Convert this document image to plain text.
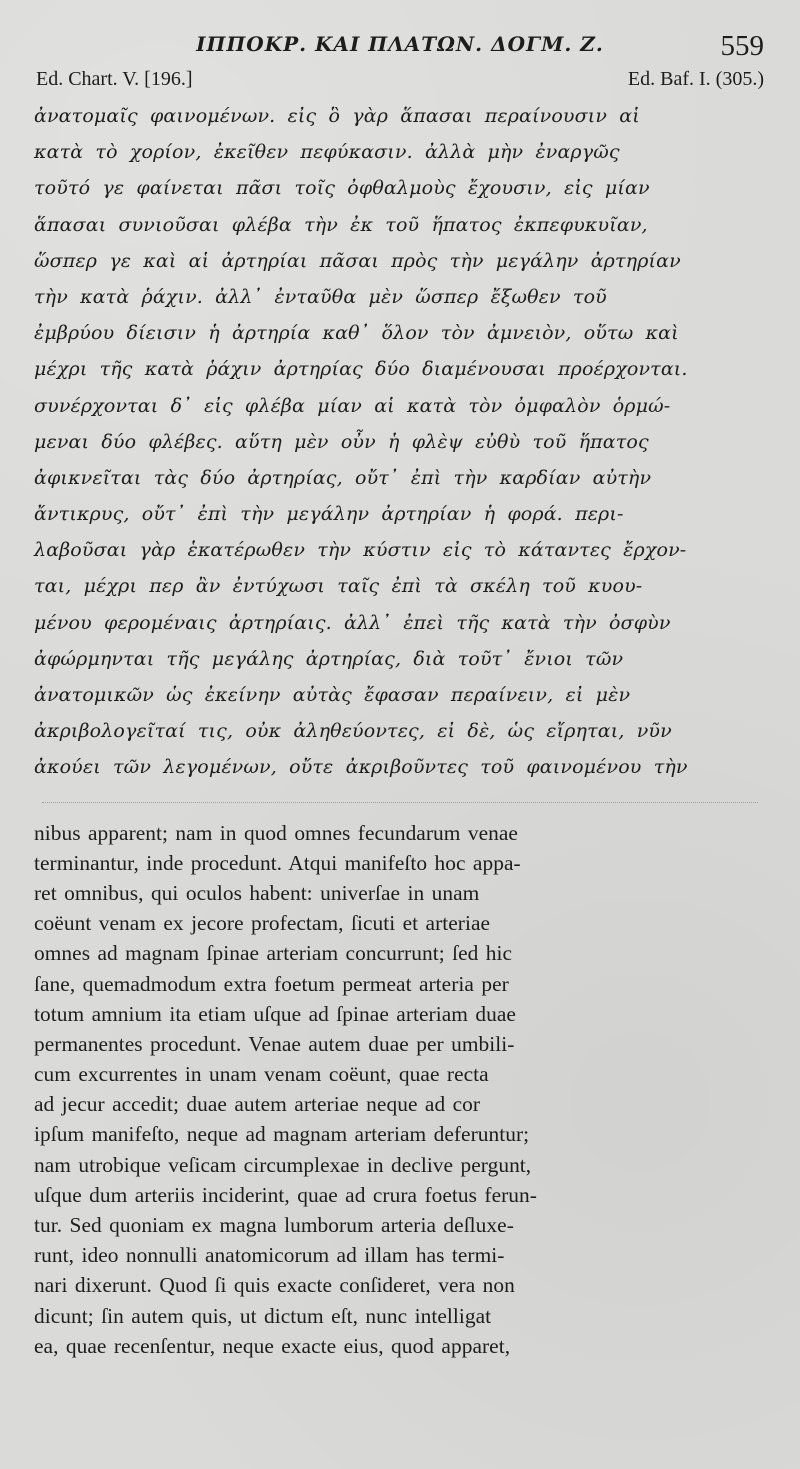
ΙΠΠΟΚΡ. ΚΑΙ ΠΛΑΤΩΝ. ΔΟΓΜ. Ζ.	559
Ed. Chart. V. [196.]	Ed. Baf. I. (305.)
ἀνατομαῖς φαινομένων. εἰς ὃ γὰρ ἅπασαι περαίνουσιν αἱ
κατὰ τὸ χορίον, ἐκεῖθεν πεφύκασιν. ἀλλὰ μὴν ἐναργῶς
τοῦτό γε φαίνεται πᾶσι τοῖς ὀφθαλμοὺς ἔχουσιν, εἰς μίαν
ἅπασαι συνιοῦσαι φλέβα τὴν ἐκ τοῦ ἥπατος ἐκπεφυκυῖαν,
ὥσπερ γε καὶ αἱ ἀρτηρίαι πᾶσαι πρὸς τὴν μεγάλην ἀρτηρίαν
τὴν κατὰ ῥάχιν. ἀλλ᾽ ἐνταῦθα μὲν ὥσπερ ἔξωθεν τοῦ
ἐμβρύου δίεισιν ἡ ἀρτηρία καθ᾽ ὅλον τὸν ἀμνειὸν, οὕτω καὶ
μέχρι τῆς κατὰ ῥάχιν ἀρτηρίας δύο διαμένουσαι προέρχονται.
συνέρχονται δ᾽ εἰς φλέβα μίαν αἱ κατὰ τὸν ὀμφαλὸν ὁρμώ-
μεναι δύο φλέβες. αὕτη μὲν οὖν ἡ φλὲψ εὐθὺ τοῦ ἥπατος
ἀφικνεῖται τὰς δύο ἀρτηρίας, οὔτ᾽ ἐπὶ τὴν καρδίαν αὐτὴν
ἄντικρυς, οὔτ᾽ ἐπὶ τὴν μεγάλην ἀρτηρίαν ἡ φορά. περι-
λαβοῦσαι γὰρ ἑκατέρωθεν τὴν κύστιν εἰς τὸ κάταντες ἔρχον-
ται, μέχρι περ ἂν ἐντύχωσι ταῖς ἐπὶ τὰ σκέλη τοῦ κυου-
μένου φερομέναις ἀρτηρίαις. ἀλλ᾽ ἐπεὶ τῆς κατὰ τὴν ὀσφὺν
ἀφώρμηνται τῆς μεγάλης ἀρτηρίας, διὰ τοῦτ᾽ ἔνιοι τῶν
ἀνατομικῶν ὡς ἐκείνην αὐτὰς ἔφασαν περαίνειν, εἰ μὲν
ἀκριβολογεῖταί τις, οὐκ ἀληθεύοντες, εἰ δὲ, ὡς εἴρηται, νῦν
ἀκούει τῶν λεγομένων, οὔτε ἀκριβοῦντες τοῦ φαινομένου τὴν
nibus apparent; nam in quod omnes fecundarum venae
terminantur, inde procedunt. Atqui manifeſto hoc appa-
ret omnibus, qui oculos habent: univerſae in unam
coëunt venam ex jecore profectam, ſicuti et arteriae
omnes ad magnam ſpinae arteriam concurrunt; ſed hic
ſane, quemadmodum extra foetum permeat arteria per
totum amnium ita etiam uſque ad ſpinae arteriam duae
permanentes procedunt. Venae autem duae per umbili-
cum excurrentes in unam venam coëunt, quae recta
ad jecur accedit; duae autem arteriae neque ad cor
ipſum manifeſto, neque ad magnam arteriam deferuntur;
nam utrobique veſicam circumplexae in declive pergunt,
uſque dum arteriis inciderint, quae ad crura foetus ferun-
tur. Sed quoniam ex magna lumborum arteria deſluxe-
runt, ideo nonnulli anatomicorum ad illam has termi-
nari dixerunt. Quod ſi quis exacte conſideret, vera non
dicunt; ſin autem quis, ut dictum eſt, nunc intelligat
ea, quae recenſentur, neque exacte eius, quod apparet,
